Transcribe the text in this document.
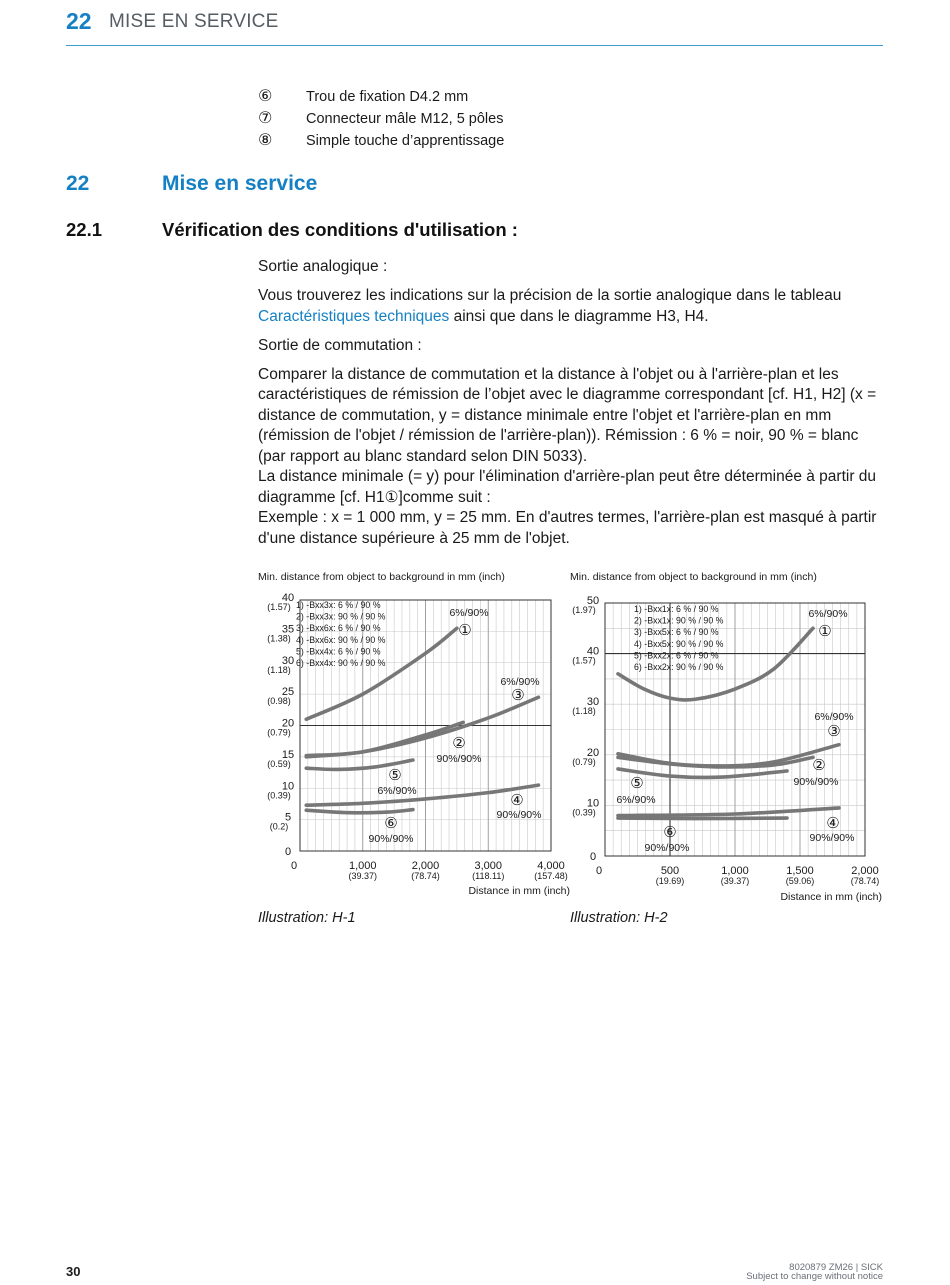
22 MISE EN SERVICE
⑥	Trou de fixation D4.2 mm
⑦	Connecteur mâle M12, 5 pôles
⑧	Simple touche d’apprentissage
22	Mise en service
22.1	Vérification des conditions d'utilisation :

Sortie analogique :

Vous trouverez les indications sur la précision de la sortie analogique dans le tableau Caractéristiques techniques ainsi que dans le diagramme H3, H4.

Sortie de commutation :

Comparer la distance de commutation et la distance à l'objet ou à l'arrière-plan et les caractéristiques de rémission de l’objet avec le diagramme correspondant [cf. H1, H2] (x = distance de commutation, y = distance minimale entre l'objet et l'arrière-plan en mm (rémission de l'objet / rémission de l'arrière-plan)). Rémission : 6 % = noir, 90 % = blanc (par rapport au blanc standard selon DIN 5033).
La distance minimale (= y) pour l'élimination d'arrière-plan peut être déterminée à partir du diagramme [cf. H1①]comme suit :
Exemple : x = 1 000 mm, y = 25 mm. En d'autres termes, l'arrière-plan est masqué à partir d'une distance supérieure à 25 mm de l'objet.

Min. distance from object to background in mm (inch)
40
(1.57)
35
(1.38)
30
(1.18)
25
(0.98)
20
(0.79)
15
(0.59)
10
(0.39)
5
(0.2)
0
0	1,000
(39.37)
2,000
(78.74)
3,000
(118.11)
4,000
(157.48)
Distance in mm (inch)
1) -Bxx3x: 6 % / 90 %
2) -Bxx3x: 90 % / 90 %
3) -Bxx6x: 6 % / 90 %
4) -Bxx6x: 90 % / 90 %
5) -Bxx4x: 6 % / 90 %
6) -Bxx4x: 90 % / 90 %
①
6%/90%
②
90%/90%
③
6%/90%
④
90%/90%
⑤
6%/90%
⑥
90%/90%
Illustration: H-1
Min. distance from object to background in mm (inch)
50
(1.97)
40
(1.57)
30
(1.18)
20
(0.79)
10
(0.39)
0
0	500
(19.69)
1,000
(39.37)
1,500
(59.06)
2,000
(78.74)
Distance in mm (inch)
1) -Bxx1x: 6 % / 90 %
2) -Bxx1x: 90 % / 90 %
3) -Bxx5x: 6 % / 90 %
4) -Bxx5x: 90 % / 90 %
5) -Bxx2x: 6 % / 90 %
6) -Bxx2x: 90 % / 90 %
①
6%/90%
②
90%/90%
③
6%/90%
④
90%/90%
⑤
6%/90%
⑥
90%/90%
Illustration: H-2
30	8020879 ZM26 | SICK
Subject to change without notice
